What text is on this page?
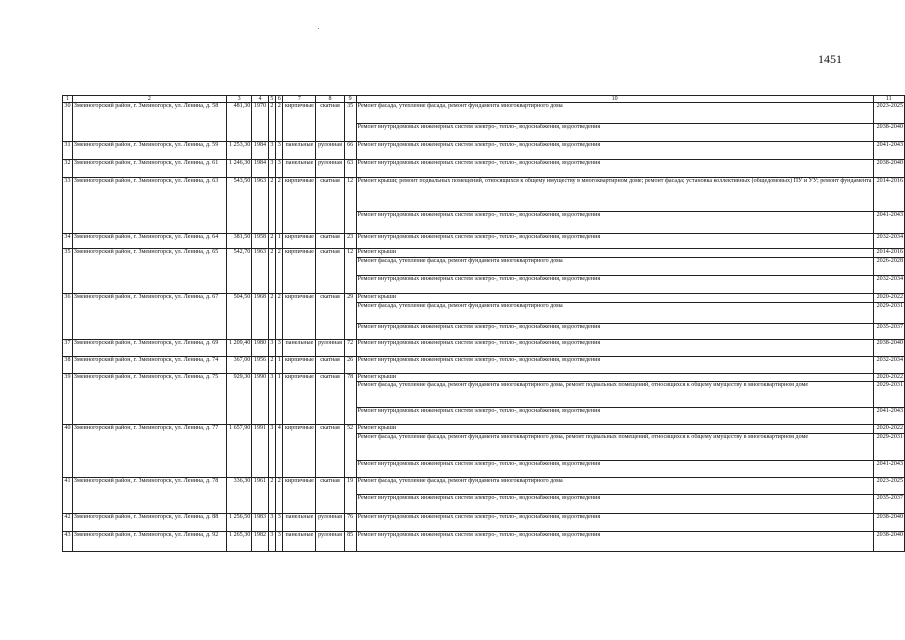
1451
1	2	3	4	5	6	7	8	9	10	11
30	Змеиногорский район, г. Змеиногорск, ул. Ленина, д. 58	481,30	1970	2	2	кирпичные	скатная	35	Ремонт фасада, утепление фасада, ремонт фундамента многоквартирного дома	2023-2025
									Ремонт внутридомовых инженерных систем электро-, тепло-, водоснабжения, водоотведения	2038-2040
31	Змеиногорский район, г. Змеиногорск, ул. Ленина, д. 59	1 253,30	1984	3	3	панельные	рулонная	66	Ремонт внутридомовых инженерных систем электро-, тепло-, водоснабжения, водоотведения	2041-2043
32	Змеиногорский район, г. Змеиногорск, ул. Ленина, д. 61	1 246,30	1984	3	3	панельные	рулонная	63	Ремонт внутридомовых инженерных систем электро-, тепло-, водоснабжения, водоотведения	2038-2040
33	Змеиногорский район, г. Змеиногорск, ул. Ленина, д. 63	543,50	1963	2	2	кирпичные	скатная	12	Ремонт крыши; ремонт подвальных помещений, относящихся к общему имуществу в многоквартирном доме; ремонт фасада; установка коллективных (общедомовых) ПУ и УУ; ремонт фундамента	2014-2016
									Ремонт внутридомовых инженерных систем электро-, тепло-, водоснабжения, водоотведения	2041-2043
34	Змеиногорский район, г. Змеиногорск, ул. Ленина, д. 64	381,50	1958	2	1	кирпичные	скатная	23	Ремонт внутридомовых инженерных систем электро-, тепло-, водоснабжения, водоотведения	2032-2034
35	Змеиногорский район, г. Змеиногорск, ул. Ленина, д. 65	542,70	1963	2	2	кирпичные	скатная	12	Ремонт крыши	2014-2016
									Ремонт фасада, утепление фасада, ремонт фундамента многоквартирного дома	2026-2028
									Ремонт внутридомовых инженерных систем электро-, тепло-, водоснабжения, водоотведения	2032-2034
36	Змеиногорский район, г. Змеиногорск, ул. Ленина, д. 67	504,50	1968	2	2	кирпичные	скатная	29	Ремонт крыши	2020-2022
									Ремонт фасада, утепление фасада, ремонт фундамента многоквартирного дома	2029-2031
									Ремонт внутридомовых инженерных систем электро-, тепло-, водоснабжения, водоотведения	2035-2037
37	Змеиногорский район, г. Змеиногорск, ул. Ленина, д. 69	1 209,40	1980	3	3	панельные	рулонная	72	Ремонт внутридомовых инженерных систем электро-, тепло-, водоснабжения, водоотведения	2038-2040
38	Змеиногорский район, г. Змеиногорск, ул. Ленина, д. 74	367,00	1956	2	1	кирпичные	скатная	26	Ремонт внутридомовых инженерных систем электро-, тепло-, водоснабжения, водоотведения	2032-2034
39	Змеиногорский район, г. Змеиногорск, ул. Ленина, д. 75	929,30	1990	3	1	кирпичные	скатная	78	Ремонт крыши	2020-2022
									Ремонт фасада, утепление фасада, ремонт фундамента многоквартирного дома, ремонт подвальных помещений, относящихся к общему имуществу в многоквартирном доме	2029-2031
									Ремонт внутридомовых инженерных систем электро-, тепло-, водоснабжения, водоотведения	2041-2043
40	Змеиногорский район, г. Змеиногорск, ул. Ленина, д. 77	1 657,90	1991	3	4	кирпичные	скатная	52	Ремонт крыши	2020-2022
									Ремонт фасада, утепление фасада, ремонт фундамента многоквартирного дома, ремонт подвальных помещений, относящихся к общему имуществу в многоквартирном доме	2029-2031
									Ремонт внутридомовых инженерных систем электро-, тепло-, водоснабжения, водоотведения	2041-2043
41	Змеиногорский район, г. Змеиногорск, ул. Ленина, д. 78	336,30	1961	2	2	кирпичные	скатная	19	Ремонт фасада, утепление фасада, ремонт фундамента многоквартирного дома	2023-2025
									Ремонт внутридомовых инженерных систем электро-, тепло-, водоснабжения, водоотведения	2035-2037
42	Змеиногорский район, г. Змеиногорск, ул. Ленина, д. 88	1 256,50	1983	3	3	панельные	рулонная	76	Ремонт внутридомовых инженерных систем электро-, тепло-, водоснабжения, водоотведения	2038-2040
43	Змеиногорский район, г. Змеиногорск, ул. Ленина, д. 92	1 265,30	1982	3	3	панельные	рулонная	85	Ремонт внутридомовых инженерных систем электро-, тепло-, водоснабжения, водоотведения	2038-2040
